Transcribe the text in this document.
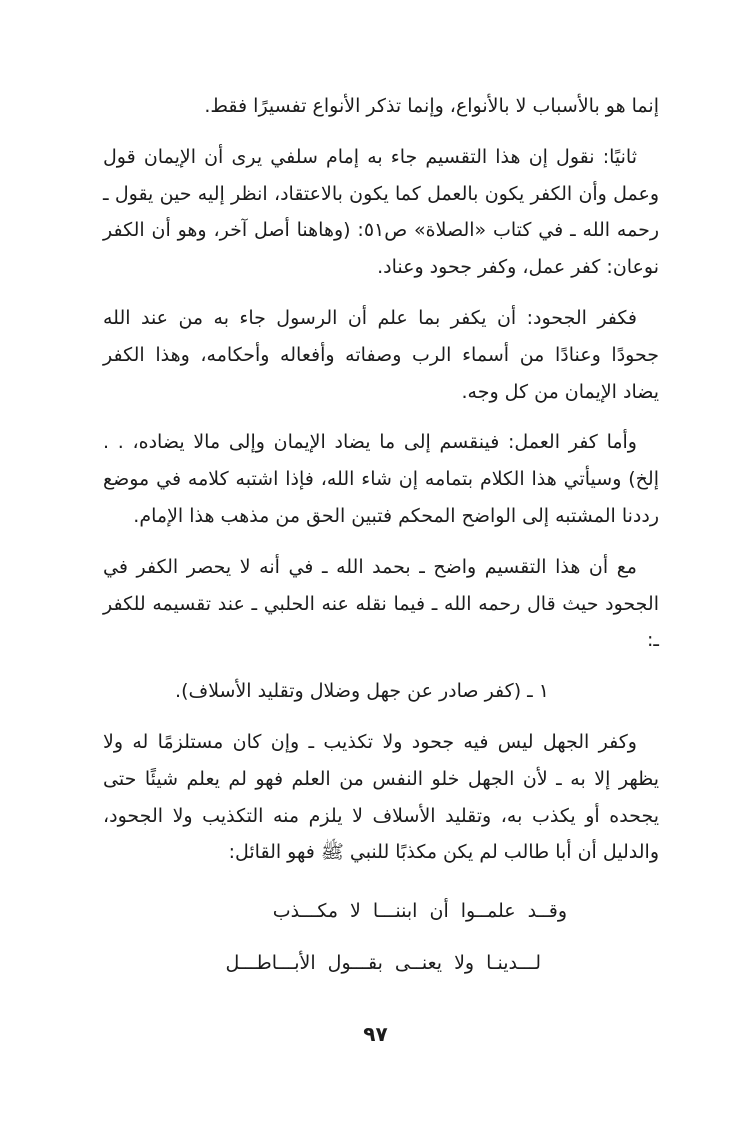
إنما هو بالأسباب لا بالأنواع، وإنما تذكر الأنواع تفسيرًا فقط.

ثانيًا: نقول إن هذا التقسيم جاء به إمام سلفي يرى أن الإيمان قول وعمل وأن الكفر يكون بالعمل كما يكون بالاعتقاد، انظر إليه حين يقول ـ رحمه الله ـ في كتاب «الصلاة» ص٥١: (وهاهنا أصل آخر، وهو أن الكفر نوعان: كفر عمل، وكفر جحود وعناد.

فكفر الجحود: أن يكفر بما علم أن الرسول جاء به من عند الله جحودًا وعنادًا من أسماء الرب وصفاته وأفعاله وأحكامه، وهذا الكفر يضاد الإيمان من كل وجه.

وأما كفر العمل: فينقسم إلى ما يضاد الإيمان وإلى مالا يضاده، . . إلخ) وسيأتي هذا الكلام بتمامه إن شاء الله، فإذا اشتبه كلامه في موضع رددنا المشتبه إلى الواضح المحكم فتبين الحق من مذهب هذا الإمام.

مع أن هذا التقسيم واضح ـ بحمد الله ـ في أنه لا يحصر الكفر في الجحود حيث قال رحمه الله ـ فيما نقله عنه الحلبي ـ عند تقسيمه للكفر ـ:

١ ـ (كفر صادر عن جهل وضلال وتقليد الأسلاف).

وكفر الجهل ليس فيه جحود ولا تكذيب ـ وإن كان مستلزمًا له ولا يظهر إلا به ـ لأن الجهل خلو النفس من العلم فهو لم يعلم شيئًا حتى يجحده أو يكذب به، وتقليد الأسلاف لا يلزم منه التكذيب ولا الجحود، والدليل أن أبا طالب لم يكن مكذبًا للنبي ﷺ فهو القائل:

وقــد علمــوا أن ابننـــا لا مكـــذب
لـــدينـا ولا يعنــى بقـــول الأبـــاطـــل
٩٧
